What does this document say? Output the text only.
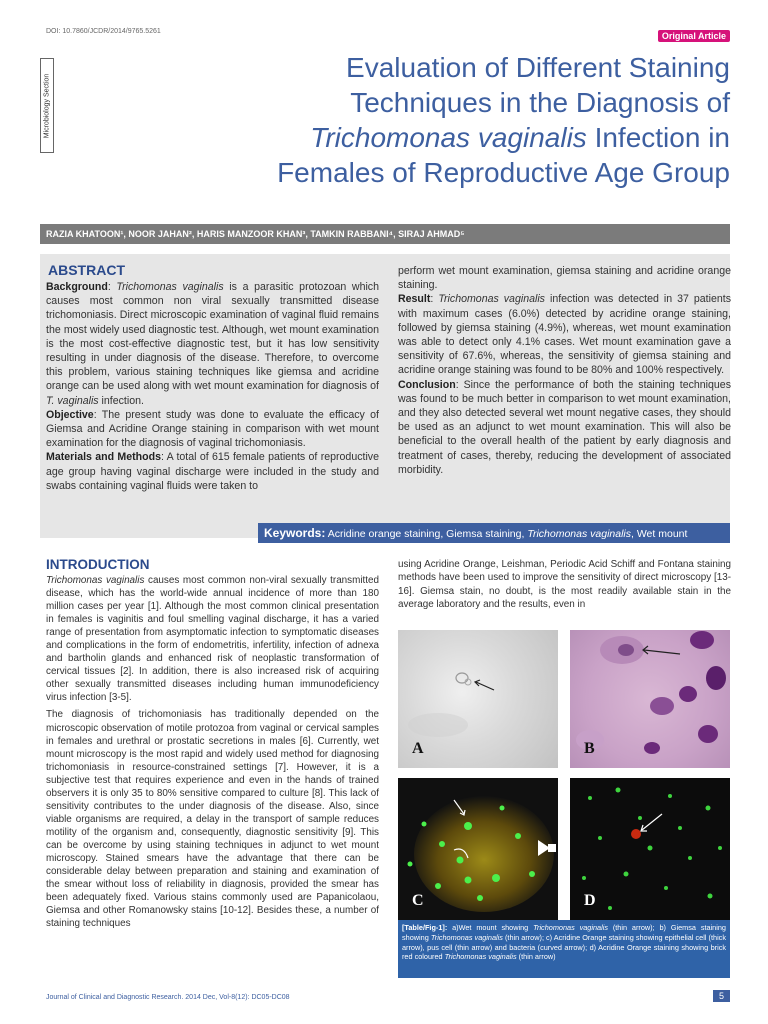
DOI: 10.7860/JCDR/2014/9765.5261	Original Article
Microbiology Section
Evaluation of Different Staining
Techniques in the Diagnosis of
Trichomonas vaginalis Infection in
Females of Reproductive Age Group
RAZIA KHATOON¹, NOOR JAHAN², HARIS MANZOOR KHAN³, TAMKIN RABBANI⁴, SIRAJ AHMAD⁵
ABSTRACT

Background: Trichomonas vaginalis is a parasitic protozoan which causes most common non viral sexually transmitted disease trichomoniasis. Direct microscopic examination of vaginal fluid remains the most widely used diagnostic test. Although, wet mount examination is the most cost-effective diagnostic test, but it has low sensitivity resulting in under diagnosis of the disease. Therefore, to overcome this problem, various staining techniques like giemsa and acridine orange can be used along with wet mount examination for diagnosis of T. vaginalis infection.

Objective: The present study was done to evaluate the efficacy of Giemsa and Acridine Orange staining in comparison with wet mount examination for the diagnosis of vaginal trichomoniasis.

Materials and Methods: A total of 615 female patients of reproductive age group having vaginal discharge were included in the study and swabs containing vaginal fluids were taken to

perform wet mount examination, giemsa staining and acridine orange staining.

Result: Trichomonas vaginalis infection was detected in 37 patients with maximum cases (6.0%) detected by acridine orange staining, followed by giemsa staining (4.9%), whereas, wet mount examination was able to detect only 4.1% cases. Wet mount examination gave a sensitivity of 67.6%, whereas, the sensitivity of giemsa staining and acridine orange staining was found to be 80% and 100% respectively.

Conclusion: Since the performance of both the staining techniques was found to be much better in comparison to wet mount examination, and they also detected several wet mount negative cases, they should be used as an adjunct to wet mount examination. This will also be beneficial to the overall health of the patient by early diagnosis and treatment of cases, thereby, reducing the development of associated morbidity.

Keywords: Acridine orange staining, Giemsa staining, Trichomonas vaginalis, Wet mount
INTRODUCTION

Trichomonas vaginalis causes most common non-viral sexually transmitted disease, which has the world-wide annual incidence of more than 180 million cases per year [1]. Although the most common clinical presentation in females is vaginitis and foul smelling vaginal discharge, it has a varied range of presentation from asymptomatic infection to symptomatic diseases and complications in the form of endometritis, infertility, infection of adnexa and bartholin glands and enhanced risk of neoplastic transformation of cervical tissues [2]. In addition, there is also increased risk of acquiring other sexually transmitted diseases including human immunodeficiency virus infection [3-5].

The diagnosis of trichomoniasis has traditionally depended on the microscopic observation of motile protozoa from vaginal or cervical samples in females and urethral or prostatic secretions in males [6]. Currently, wet mount microscopy is the most rapid and widely used method for diagnosing trichomoniasis in resource-constrained settings [7]. However, it is a subjective test that requires experience and even in the hands of trained observers it is only 35 to 80% sensitive compared to culture [8]. This lack of sensitivity contributes to the under diagnosis of the disease. Also, since viable organisms are required, a delay in the transport of sample reduces motility of the organism and, consequently, diagnostic sensitivity [9]. This can be overcome by using staining techniques in adjunct to wet mount microscopy. Stained smears have the advantage that there can be considerable delay between preparation and staining and examination of the smear without loss of reliability in diagnosis, provided the smear has been adequately fixed. Various stains commonly used are Papanicolaou, Giemsa and other Romanowsky stains [10-12]. Besides these, a number of staining techniques

using Acridine Orange, Leishman, Periodic Acid Schiff and Fontana staining methods have been used to improve the sensitivity of direct microscopy [13-16]. Giemsa stain, no doubt, is the most readily available stain in the average laboratory and the results, even in

A	B
C	D
[Table/Fig-1]: a)Wet mount showing Trichomonas vaginalis (thin arrow); b) Giemsa staining showing Trichomonas vaginalis (thin arrow); c) Acridine Orange staining showing epithelial cell (thick arrow), pus cell (thin arrow) and bacteria (curved arrow); d) Acridine Orange staining showing brick red coloured Trichomonas vaginalis (thin arrow)
Journal of Clinical and Diagnostic Research. 2014 Dec, Vol-8(12): DC05-DC08	5
